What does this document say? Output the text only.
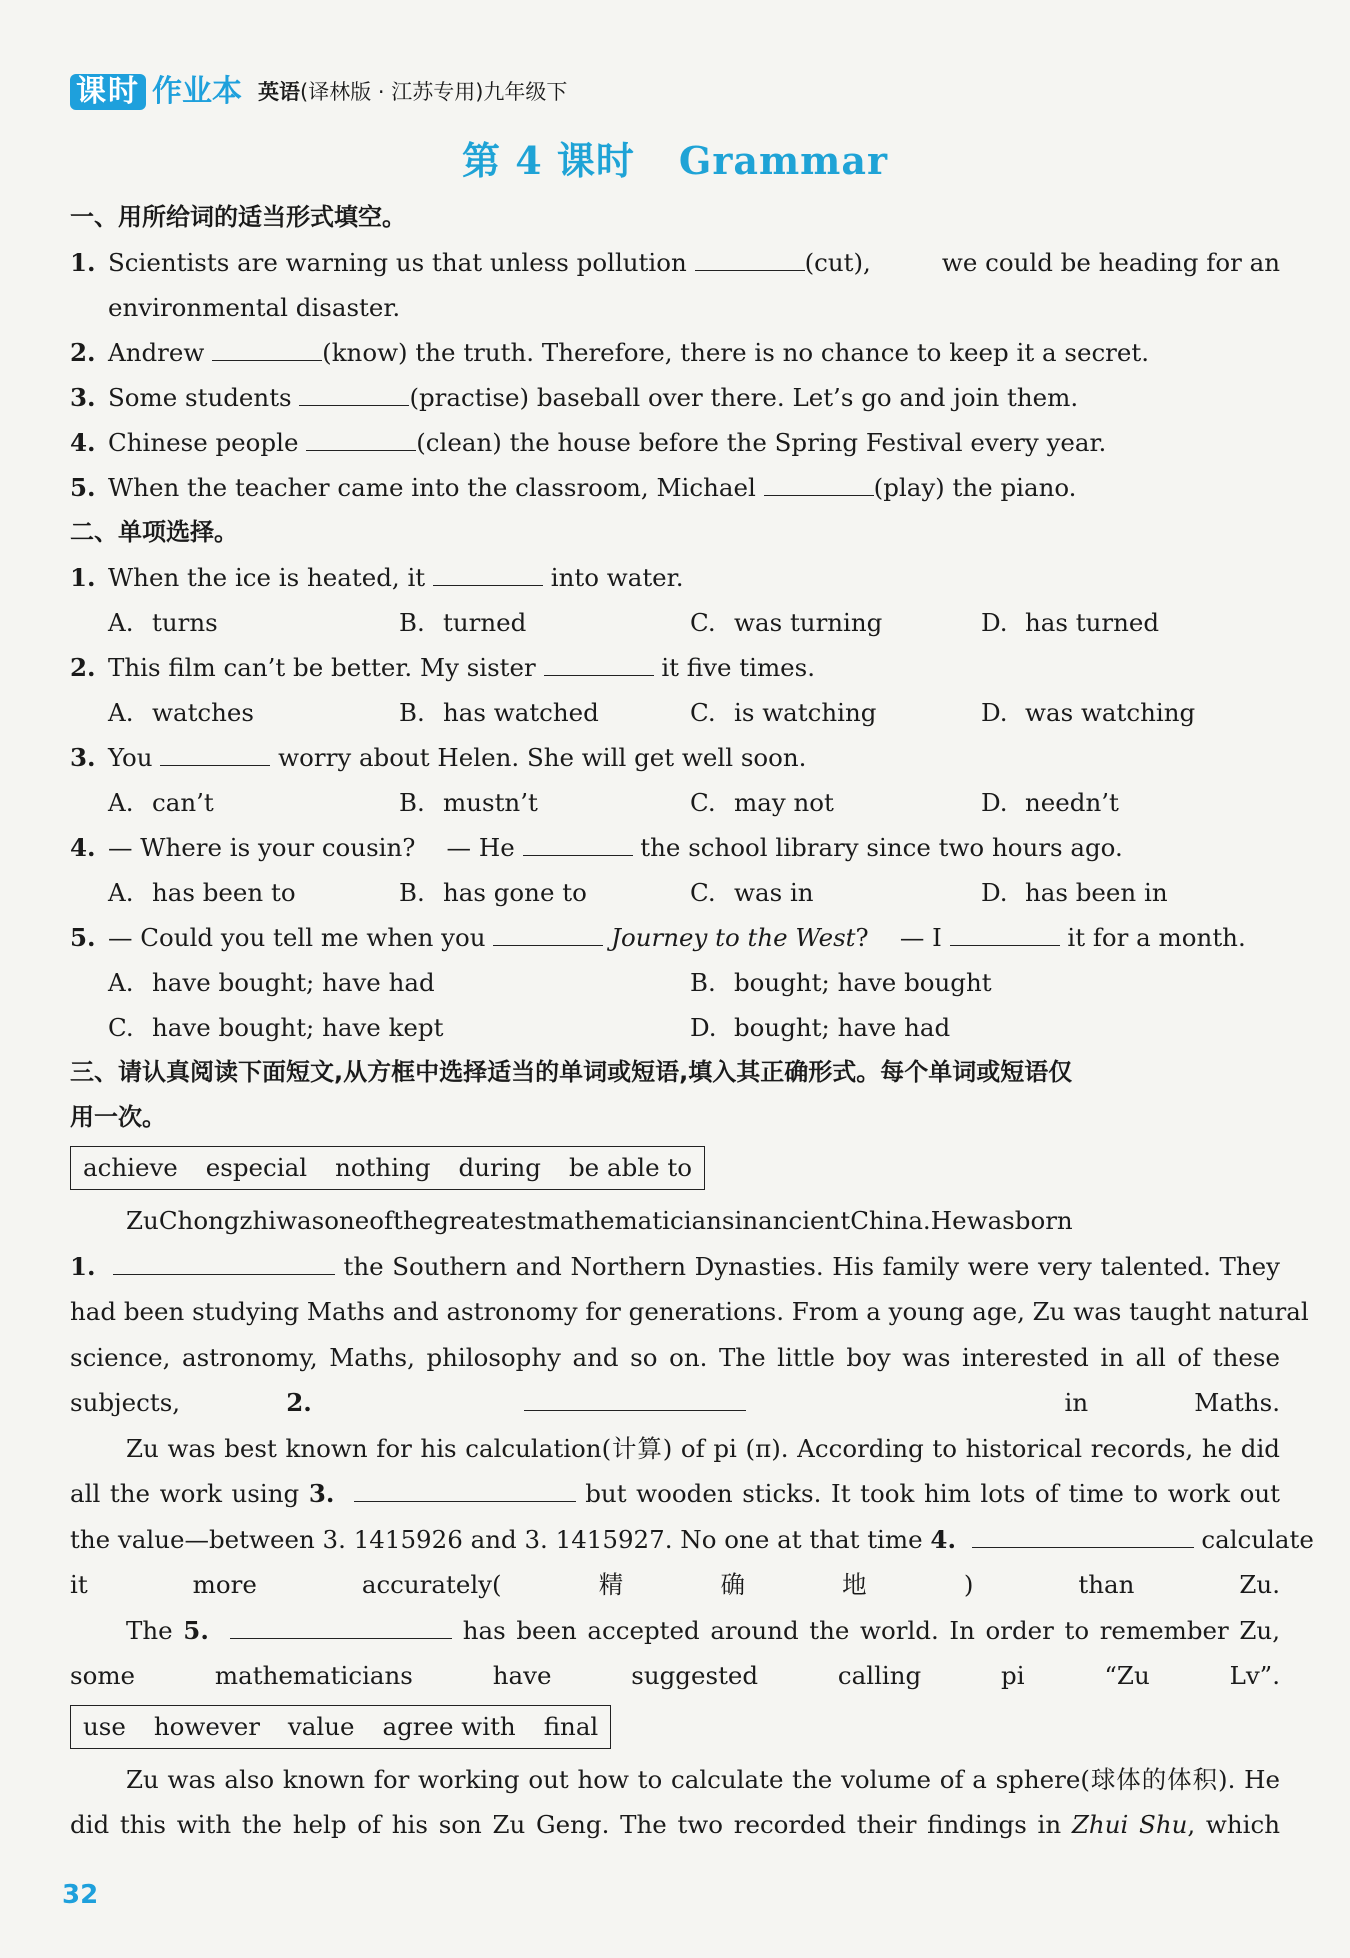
课时 作业本 英语(译林版 · 江苏专用)九年级下
第 4 课时 Grammar
一、用所给词的适当形式填空。
1. Scientists are warning us that unless pollution	(cut),	we could be heading for an
environmental disaster.
2. Andrew	(know) the truth. Therefore, there is no chance to keep it a secret.
3. Some students	(practise) baseball over there. Let’s go and join them.
4. Chinese people	(clean) the house before the Spring Festival every year.
5. When the teacher came into the classroom, Michael	(play) the piano.
二、单项选择。
1. When the ice is heated, it	into water.
A. turns	B. turned	C. was turning	D. has turned
2. This film can’t be better. My sister	it five times.
A. watches	B. has watched	C. is watching	D. was watching
3. You	worry about Helen. She will get well soon.
A. can’t	B. mustn’t	C. may not	D. needn’t
4. — Where is your cousin? — He	the school library since two hours ago.
A. has been to	B. has gone to	C. was in	D. has been in
5. — Could you tell me when you	Journey to the West? — I	it for a month.
A. have bought; have had	B. bought; have bought
C. have bought; have kept	D. bought; have had
三、请认真阅读下面短文,从方框中选择适当的单词或短语,填入其正确形式。每个单词或短语仅
用一次。
achieve especial nothing during be able to
ZuChongzhiwasoneofthegreatestmathematiciansinancientChina.Hewasborn
1.	the Southern and Northern Dynasties. His family were very talented. They
had been studying Maths and astronomy for generations. From a young age, Zu was taught natural
science, astronomy, Maths, philosophy and so on. The little boy was interested in all of these
subjects,	2.	in Maths.
Zu was best known for his calculation(计算) of pi (π). According to historical records, he did
all the work using 3.	but wooden sticks. It took him lots of time to work out
the value—between 3. 1415926 and 3. 1415927. No one at that time 4.	calculate
it more accurately(精确地) than Zu.
The 5.	has been accepted around the world. In order to remember Zu,
some mathematicians have suggested calling pi “Zu Lv”.
use however value agree with final
Zu was also known for working out how to calculate the volume of a sphere(球体的体积). He
did this with the help of his son Zu Geng. The two recorded their findings in Zhui Shu, which
32
